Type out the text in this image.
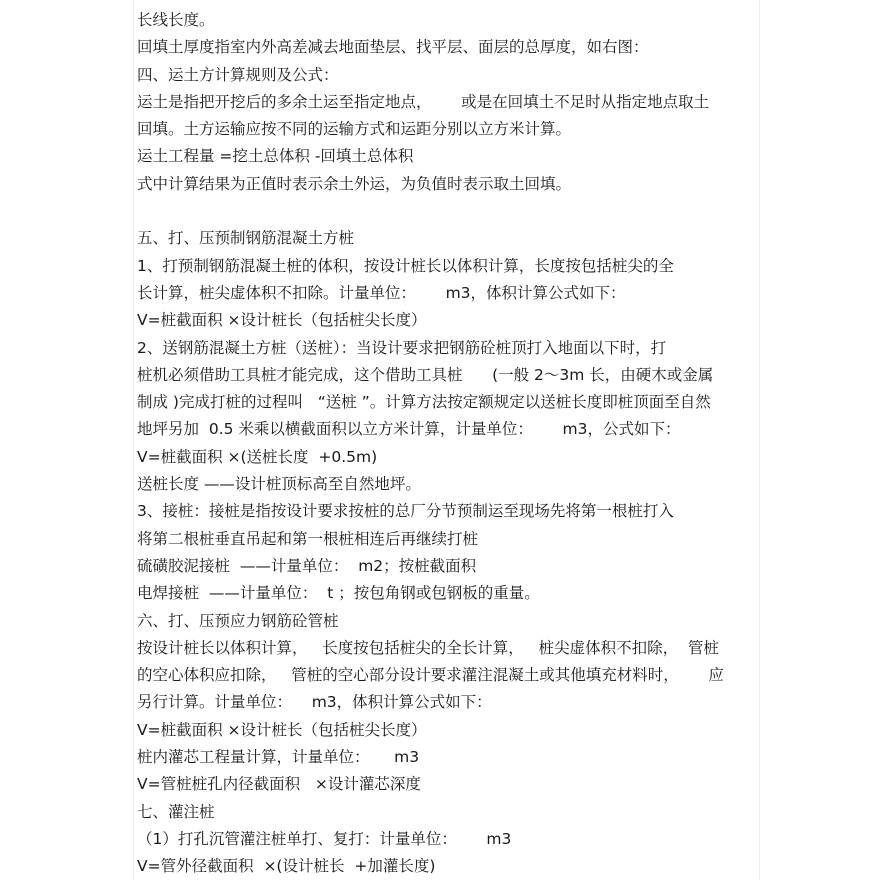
长线长度。
回填土厚度指室内外高差减去地面垫层、找平层、面层的总厚度，如右图：
四、运土方计算规则及公式：
运土是指把开挖后的多余土运至指定地点，      或是在回填土不足时从指定地点取土
回填。土方运输应按不同的运输方式和运距分别以立方米计算。
运土工程量 =挖土总体积 -回填土总体积
式中计算结果为正值时表示余土外运，为负值时表示取土回填。
五、打、压预制钢筋混凝土方桩
1、打预制钢筋混凝土桩的体积，按设计桩长以体积计算，长度按包括桩尖的全
长计算，桩尖虚体积不扣除。计量单位：      m3，体积计算公式如下：
V=桩截面积 ×设计桩长（包括桩尖长度）
2、送钢筋混凝土方桩（送桩）：当设计要求把钢筋砼桩顶打入地面以下时，打
桩机必须借助工具桩才能完成，这个借助工具桩      (一般 2～3m 长，由硬木或金属
制成 )完成打桩的过程叫   “送桩 ”。计算方法按定额规定以送桩长度即桩顶面至自然
地坪另加  0.5 米乘以横截面积以立方米计算，计量单位：      m3，公式如下：
V=桩截面积 ×(送桩长度  +0.5m)
送桩长度 ——设计桩顶标高至自然地坪。
3、接桩：接桩是指按设计要求按桩的总厂分节预制运至现场先将第一根桩打入
将第二根桩垂直吊起和第一根桩相连后再继续打桩
硫磺胶泥接桩  ——计量单位：  m2；按桩截面积
电焊接桩  ——计量单位：  t ；按包角钢或包钢板的重量。
六、打、压预应力钢筋砼管桩
按设计桩长以体积计算，   长度按包括桩尖的全长计算，   桩尖虚体积不扣除，  管桩
的空心体积应扣除，   管桩的空心部分设计要求灌注混凝土或其他填充材料时，      应
另行计算。计量单位：    m3，体积计算公式如下：
V=桩截面积 ×设计桩长（包括桩尖长度）
桩内灌芯工程量计算，计量单位：     m3
V=管桩桩孔内径截面积   ×设计灌芯深度
七、灌注桩
（1）打孔沉管灌注桩单打、复打：计量单位：      m3
V=管外径截面积  ×(设计桩长  +加灌长度)
